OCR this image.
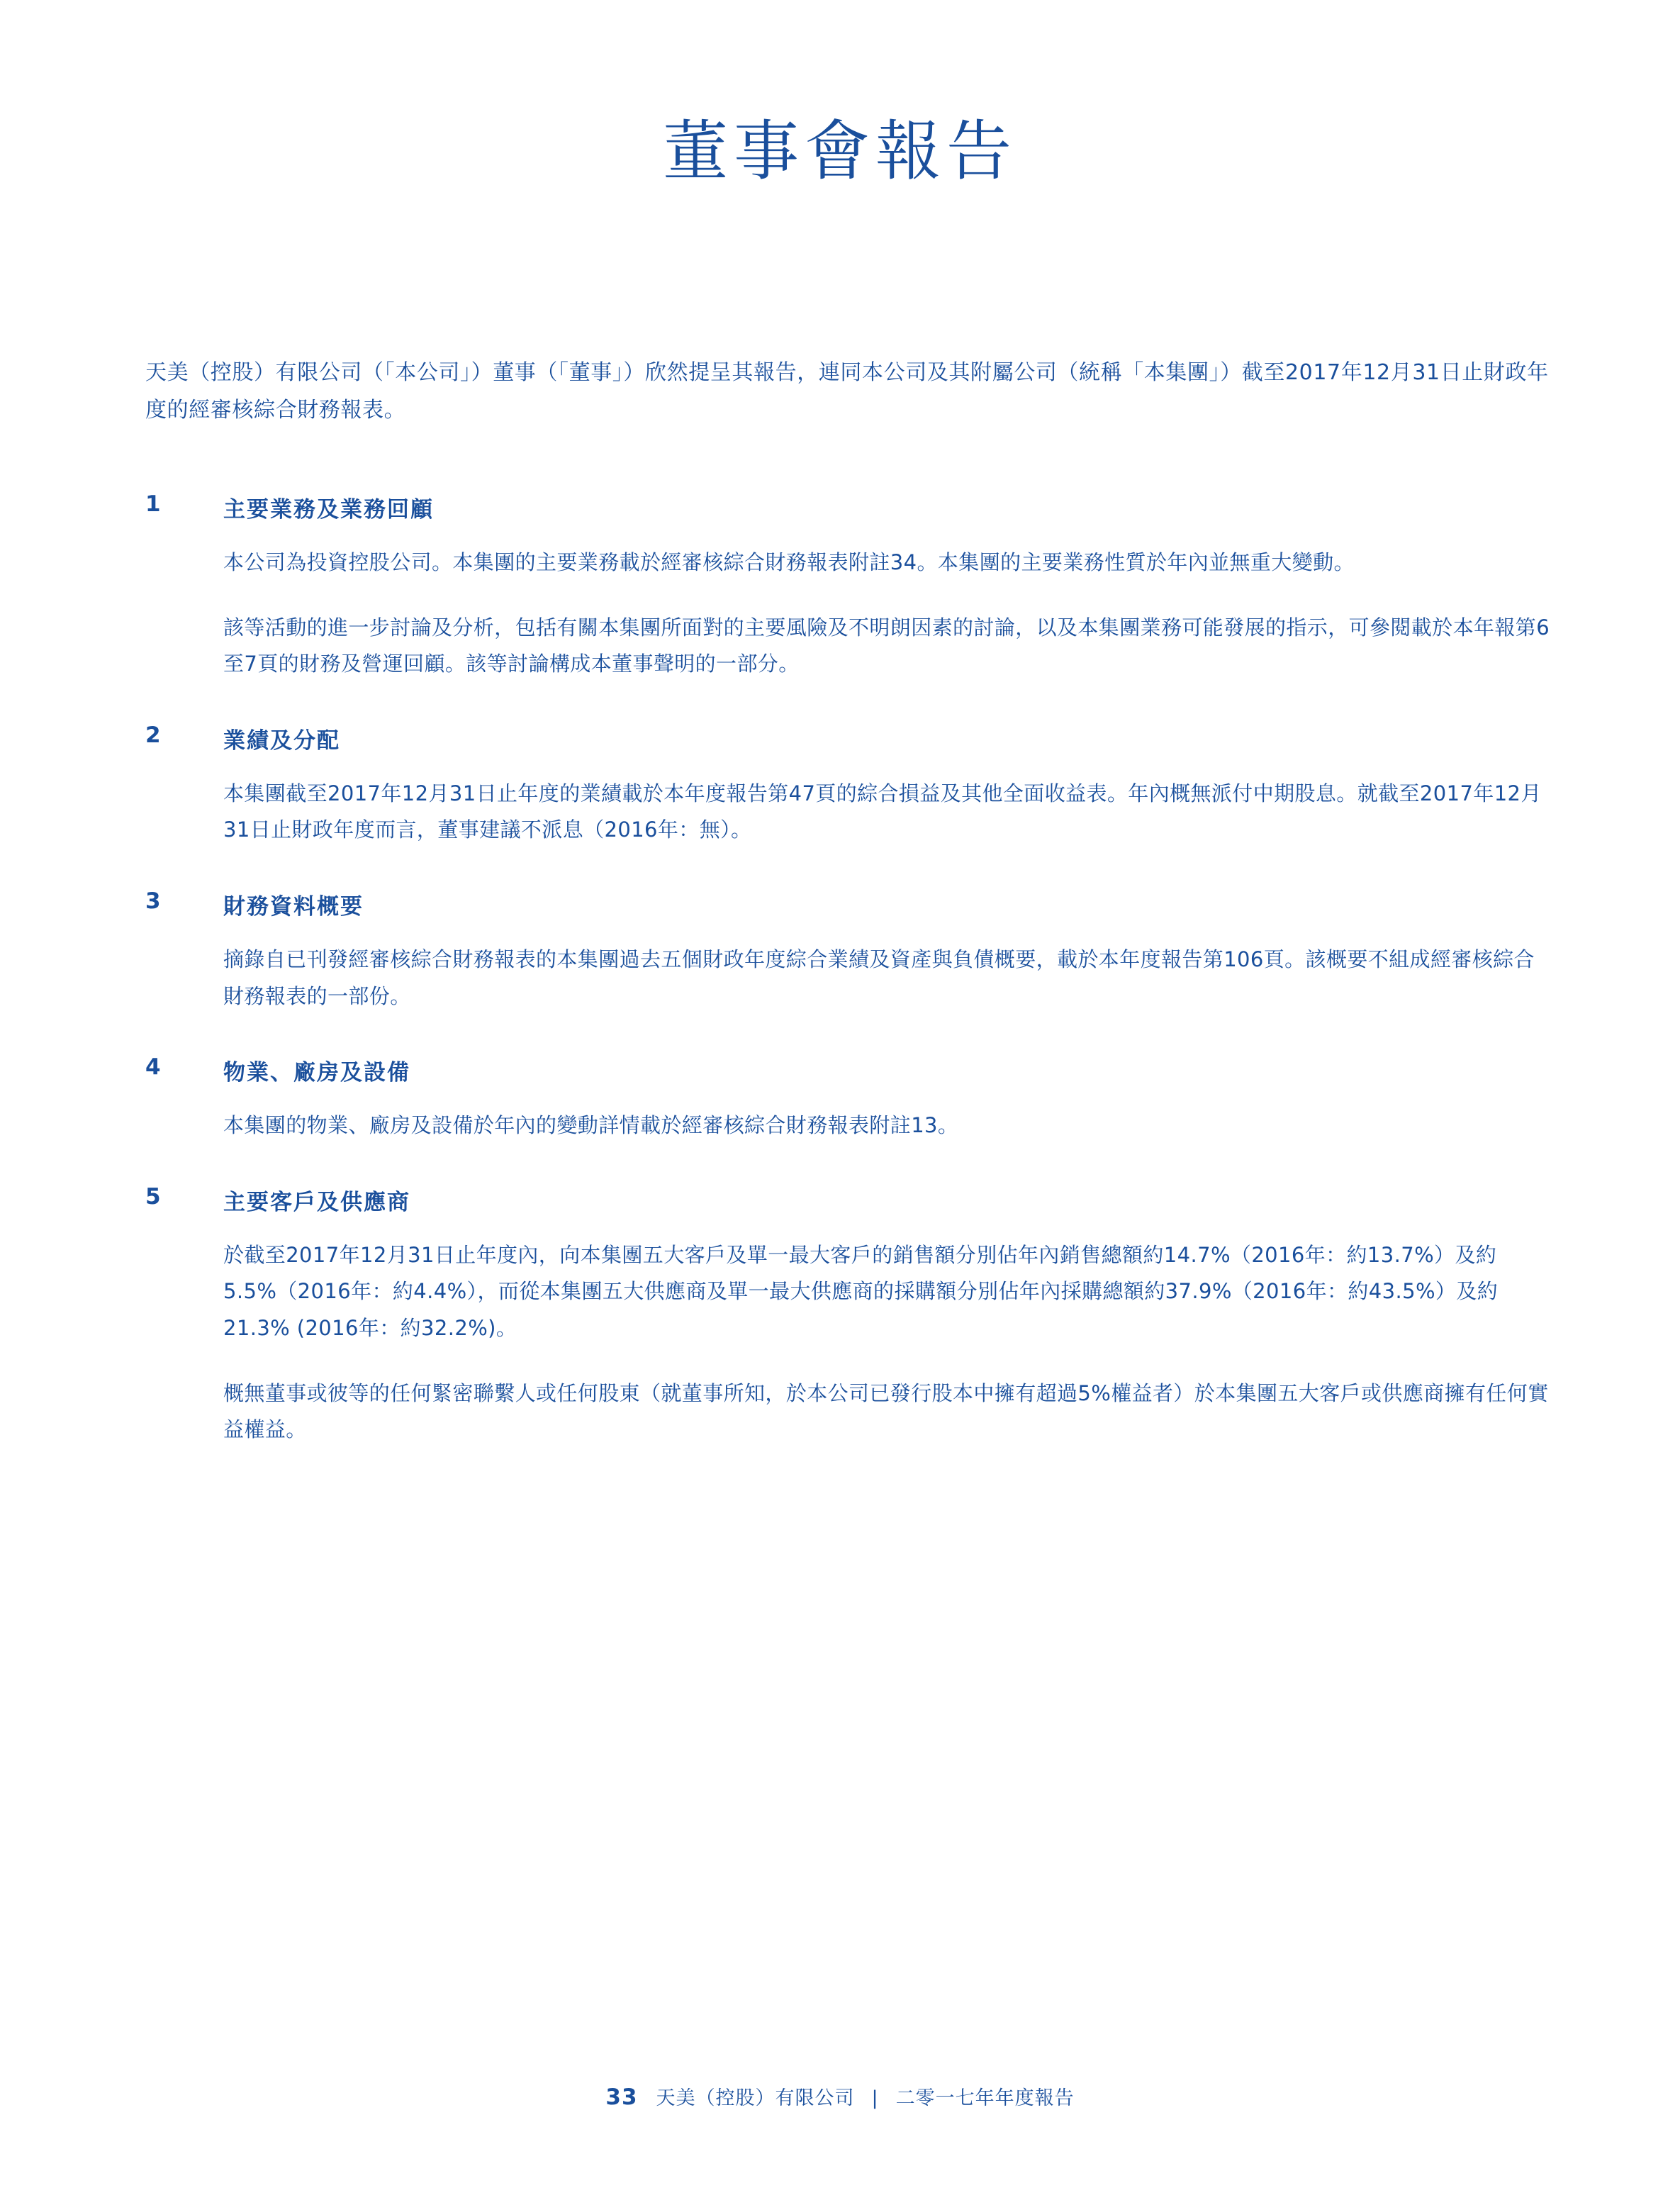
董事會報告

天美（控股）有限公司（「本公司」）董事（「董事」）欣然提呈其報告，連同本公司及其附屬公司（統稱「本集團」）截至2017年12月31日止財政年度的經審核綜合財務報表。

1	主要業務及業務回顧

本公司為投資控股公司。本集團的主要業務載於經審核綜合財務報表附註34。本集團的主要業務性質於年內並無重大變動。

該等活動的進一步討論及分析，包括有關本集團所面對的主要風險及不明朗因素的討論，以及本集團業務可能發展的指示，可參閱載於本年報第6至7頁的財務及營運回顧。該等討論構成本董事聲明的一部分。

2	業績及分配

本集團截至2017年12月31日止年度的業績載於本年度報告第47頁的綜合損益及其他全面收益表。年內概無派付中期股息。就截至2017年12月31日止財政年度而言，董事建議不派息（2016年：無）。

3	財務資料概要

摘錄自已刊發經審核綜合財務報表的本集團過去五個財政年度綜合業績及資產與負債概要，載於本年度報告第106頁。該概要不組成經審核綜合財務報表的一部份。

4	物業、廠房及設備

本集團的物業、廠房及設備於年內的變動詳情載於經審核綜合財務報表附註13。

5	主要客戶及供應商

於截至2017年12月31日止年度內，向本集團五大客戶及單一最大客戶的銷售額分別佔年內銷售總額約14.7%（2016年：約13.7%）及約5.5%（2016年：約4.4%），而從本集團五大供應商及單一最大供應商的採購額分別佔年內採購總額約37.9%（2016年：約43.5%）及約21.3% (2016年：約32.2%)。

概無董事或彼等的任何緊密聯繫人或任何股東（就董事所知，於本公司已發行股本中擁有超過5%權益者）於本集團五大客戶或供應商擁有任何實益權益。

33 天美（控股）有限公司 | 二零一七年年度報告
